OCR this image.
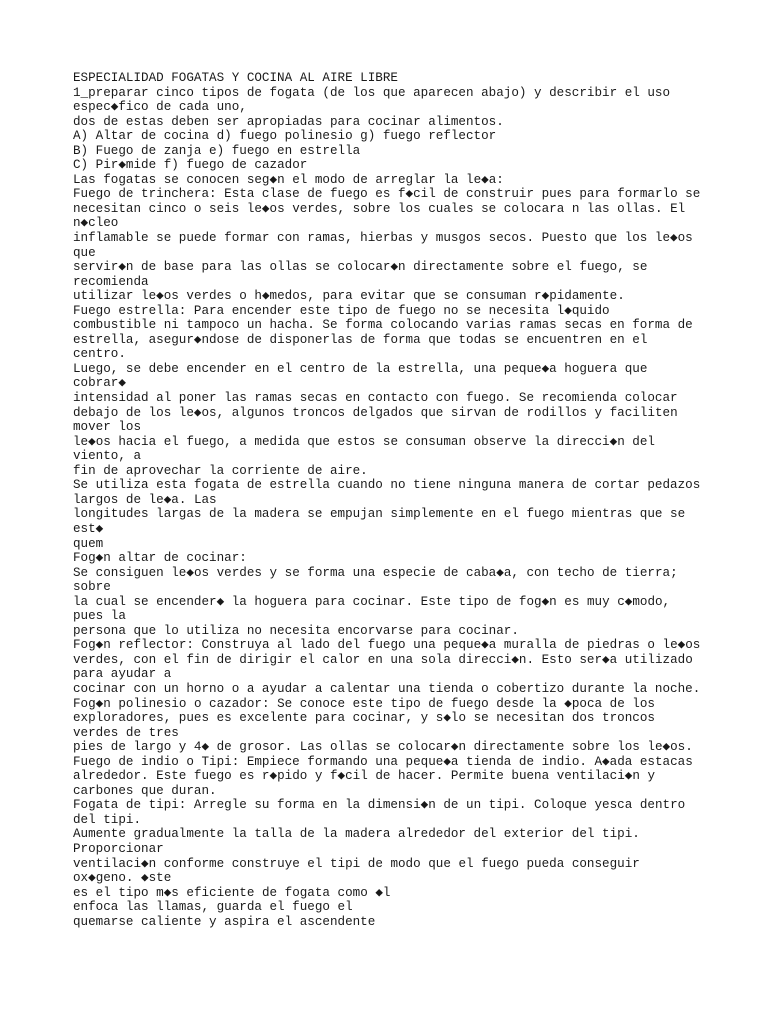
ESPECIALIDAD FOGATAS Y COCINA AL AIRE LIBRE
1_preparar cinco tipos de fogata (de los que aparecen abajo) y describir el uso
espec◆fico de cada uno,
dos de estas deben ser apropiadas para cocinar alimentos.
A) Altar de cocina d) fuego polinesio g) fuego reflector
B) Fuego de zanja e) fuego en estrella
C) Pir◆mide f) fuego de cazador
Las fogatas se conocen seg◆n el modo de arreglar la le◆a:
Fuego de trinchera: Esta clase de fuego es f◆cil de construir pues para formarlo se
necesitan cinco o seis le◆os verdes, sobre los cuales se colocara n las ollas. El
n◆cleo
inflamable se puede formar con ramas, hierbas y musgos secos. Puesto que los le◆os
que
servir◆n de base para las ollas se colocar◆n directamente sobre el fuego, se
recomienda
utilizar le◆os verdes o h◆medos, para evitar que se consuman r◆pidamente.
Fuego estrella: Para encender este tipo de fuego no se necesita l◆quido
combustible ni tampoco un hacha. Se forma colocando varias ramas secas en forma de
estrella, asegur◆ndose de disponerlas de forma que todas se encuentren en el
centro.
Luego, se debe encender en el centro de la estrella, una peque◆a hoguera que
cobrar◆
intensidad al poner las ramas secas en contacto con fuego. Se recomienda colocar
debajo de los le◆os, algunos troncos delgados que sirvan de rodillos y faciliten
mover los
le◆os hacia el fuego, a medida que estos se consuman observe la direcci◆n del
viento, a
fin de aprovechar la corriente de aire.
Se utiliza esta fogata de estrella cuando no tiene ninguna manera de cortar pedazos
largos de le◆a. Las
longitudes largas de la madera se empujan simplemente en el fuego mientras que se
est◆
quem
Fog◆n altar de cocinar:
Se consiguen le◆os verdes y se forma una especie de caba◆a, con techo de tierra;
sobre
la cual se encender◆ la hoguera para cocinar. Este tipo de fog◆n es muy c◆modo,
pues la
persona que lo utiliza no necesita encorvarse para cocinar.
Fog◆n reflector: Construya al lado del fuego una peque◆a muralla de piedras o le◆os
verdes, con el fin de dirigir el calor en una sola direcci◆n. Esto ser◆a utilizado
para ayudar a
cocinar con un horno o a ayudar a calentar una tienda o cobertizo durante la noche.
Fog◆n polinesio o cazador: Se conoce este tipo de fuego desde la ◆poca de los
exploradores, pues es excelente para cocinar, y s◆lo se necesitan dos troncos
verdes de tres
pies de largo y 4◆ de grosor. Las ollas se colocar◆n directamente sobre los le◆os.
Fuego de indio o Tipi: Empiece formando una peque◆a tienda de indio. A◆ada estacas
alrededor. Este fuego es r◆pido y f◆cil de hacer. Permite buena ventilaci◆n y
carbones que duran.
Fogata de tipi: Arregle su forma en la dimensi◆n de un tipi. Coloque yesca dentro
del tipi.
Aumente gradualmente la talla de la madera alrededor del exterior del tipi.
Proporcionar
ventilaci◆n conforme construye el tipi de modo que el fuego pueda conseguir
ox◆geno. ◆ste
es el tipo m◆s eficiente de fogata como ◆l
enfoca las llamas, guarda el fuego el
quemarse caliente y aspira el ascendente
